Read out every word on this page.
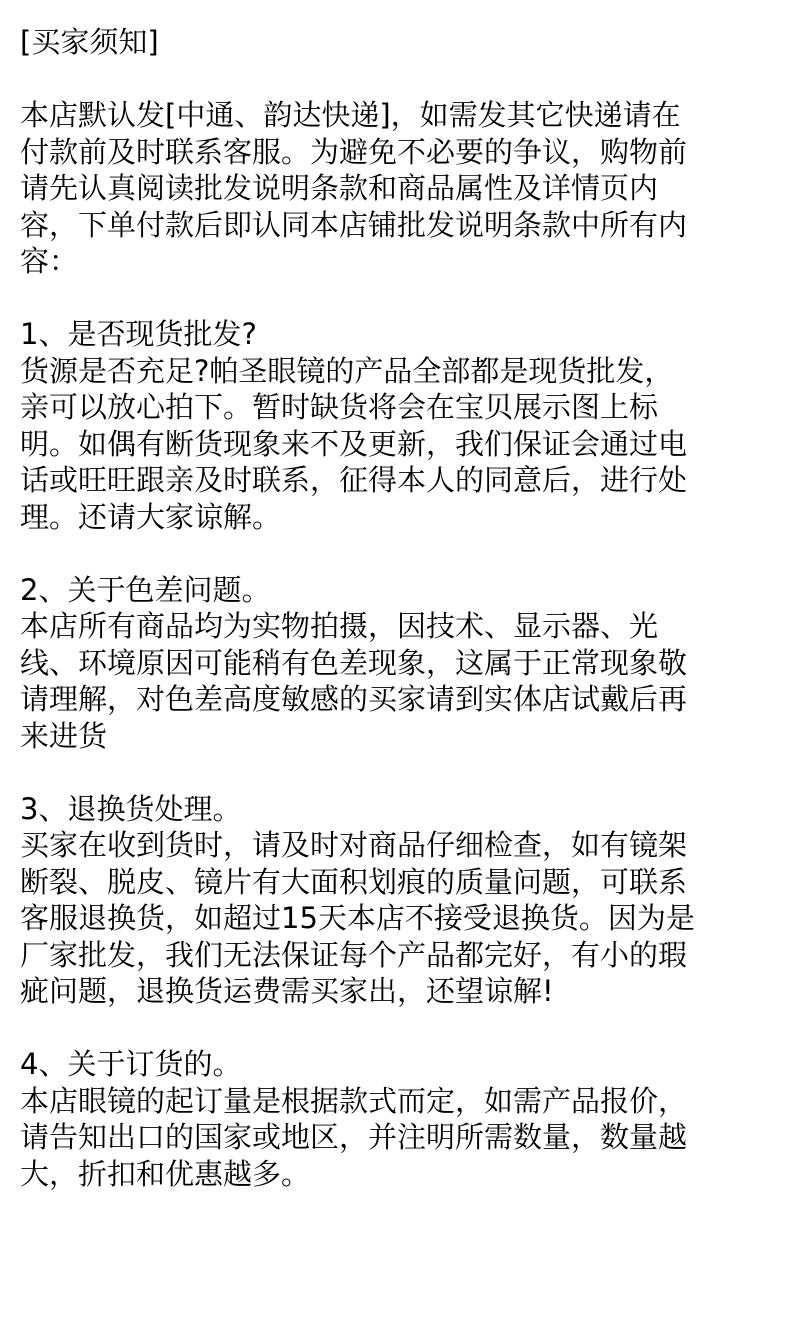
[买家须知]
本店默认发[中通、韵达快递]，如需发其它快递请在
付款前及时联系客服。为避免不必要的争议，购物前
请先认真阅读批发说明条款和商品属性及详情页内
容，下单付款后即认同本店铺批发说明条款中所有内
容：
1、是否现货批发?
货源是否充足?帕圣眼镜的产品全部都是现货批发，
亲可以放心拍下。暂时缺货将会在宝贝展示图上标
明。如偶有断货现象来不及更新，我们保证会通过电
话或旺旺跟亲及时联系，征得本人的同意后，进行处
理。还请大家谅解。
2、关于色差问题。
本店所有商品均为实物拍摄，因技术、显示器、光
线、环境原因可能稍有色差现象，这属于正常现象敬
请理解，对色差高度敏感的买家请到实体店试戴后再
来进货
3、退换货处理。
买家在收到货时，请及时对商品仔细检查，如有镜架
断裂、脱皮、镜片有大面积划痕的质量问题，可联系
客服退换货，如超过15天本店不接受退换货。因为是
厂家批发，我们无法保证每个产品都完好，有小的瑕
疵问题，退换货运费需买家出，还望谅解!
4、关于订货的。
本店眼镜的起订量是根据款式而定，如需产品报价，
请告知出口的国家或地区，并注明所需数量，数量越
大，折扣和优惠越多。
